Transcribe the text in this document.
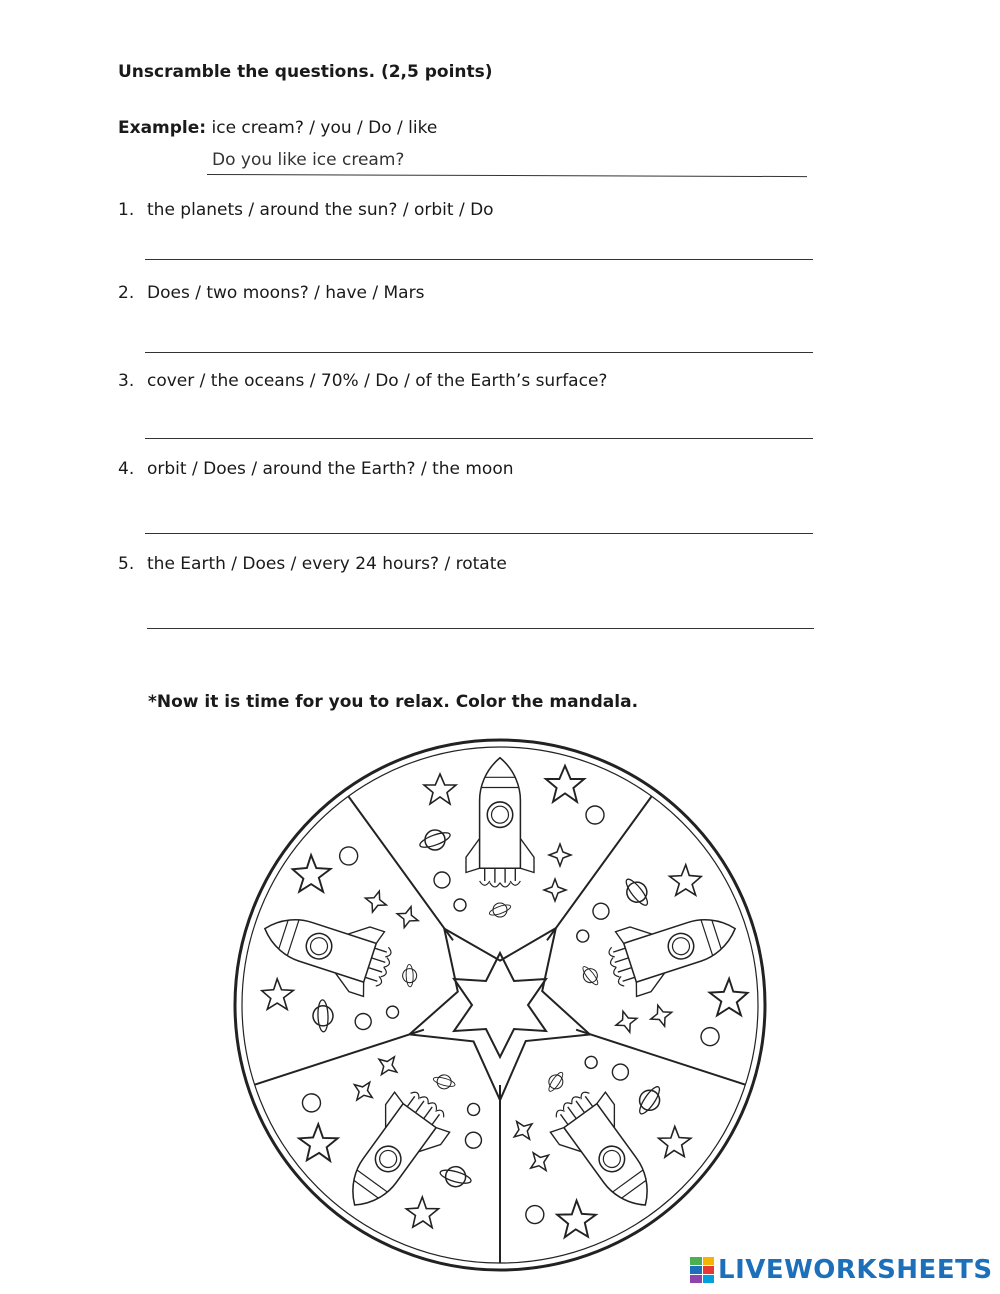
Unscramble the questions. (2,5 points)
Example: ice cream? / you / Do / like
Do you like ice cream?
1. the planets / around the sun? / orbit / Do
2. Does / two moons? / have / Mars
3. cover / the oceans / 70% / Do / of the Earth’s surface?
4. orbit / Does / around the Earth? / the moon
5. the Earth / Does / every 24 hours? / rotate
*Now it is time for you to relax. Color the mandala.
LIVEWORKSHEETS
